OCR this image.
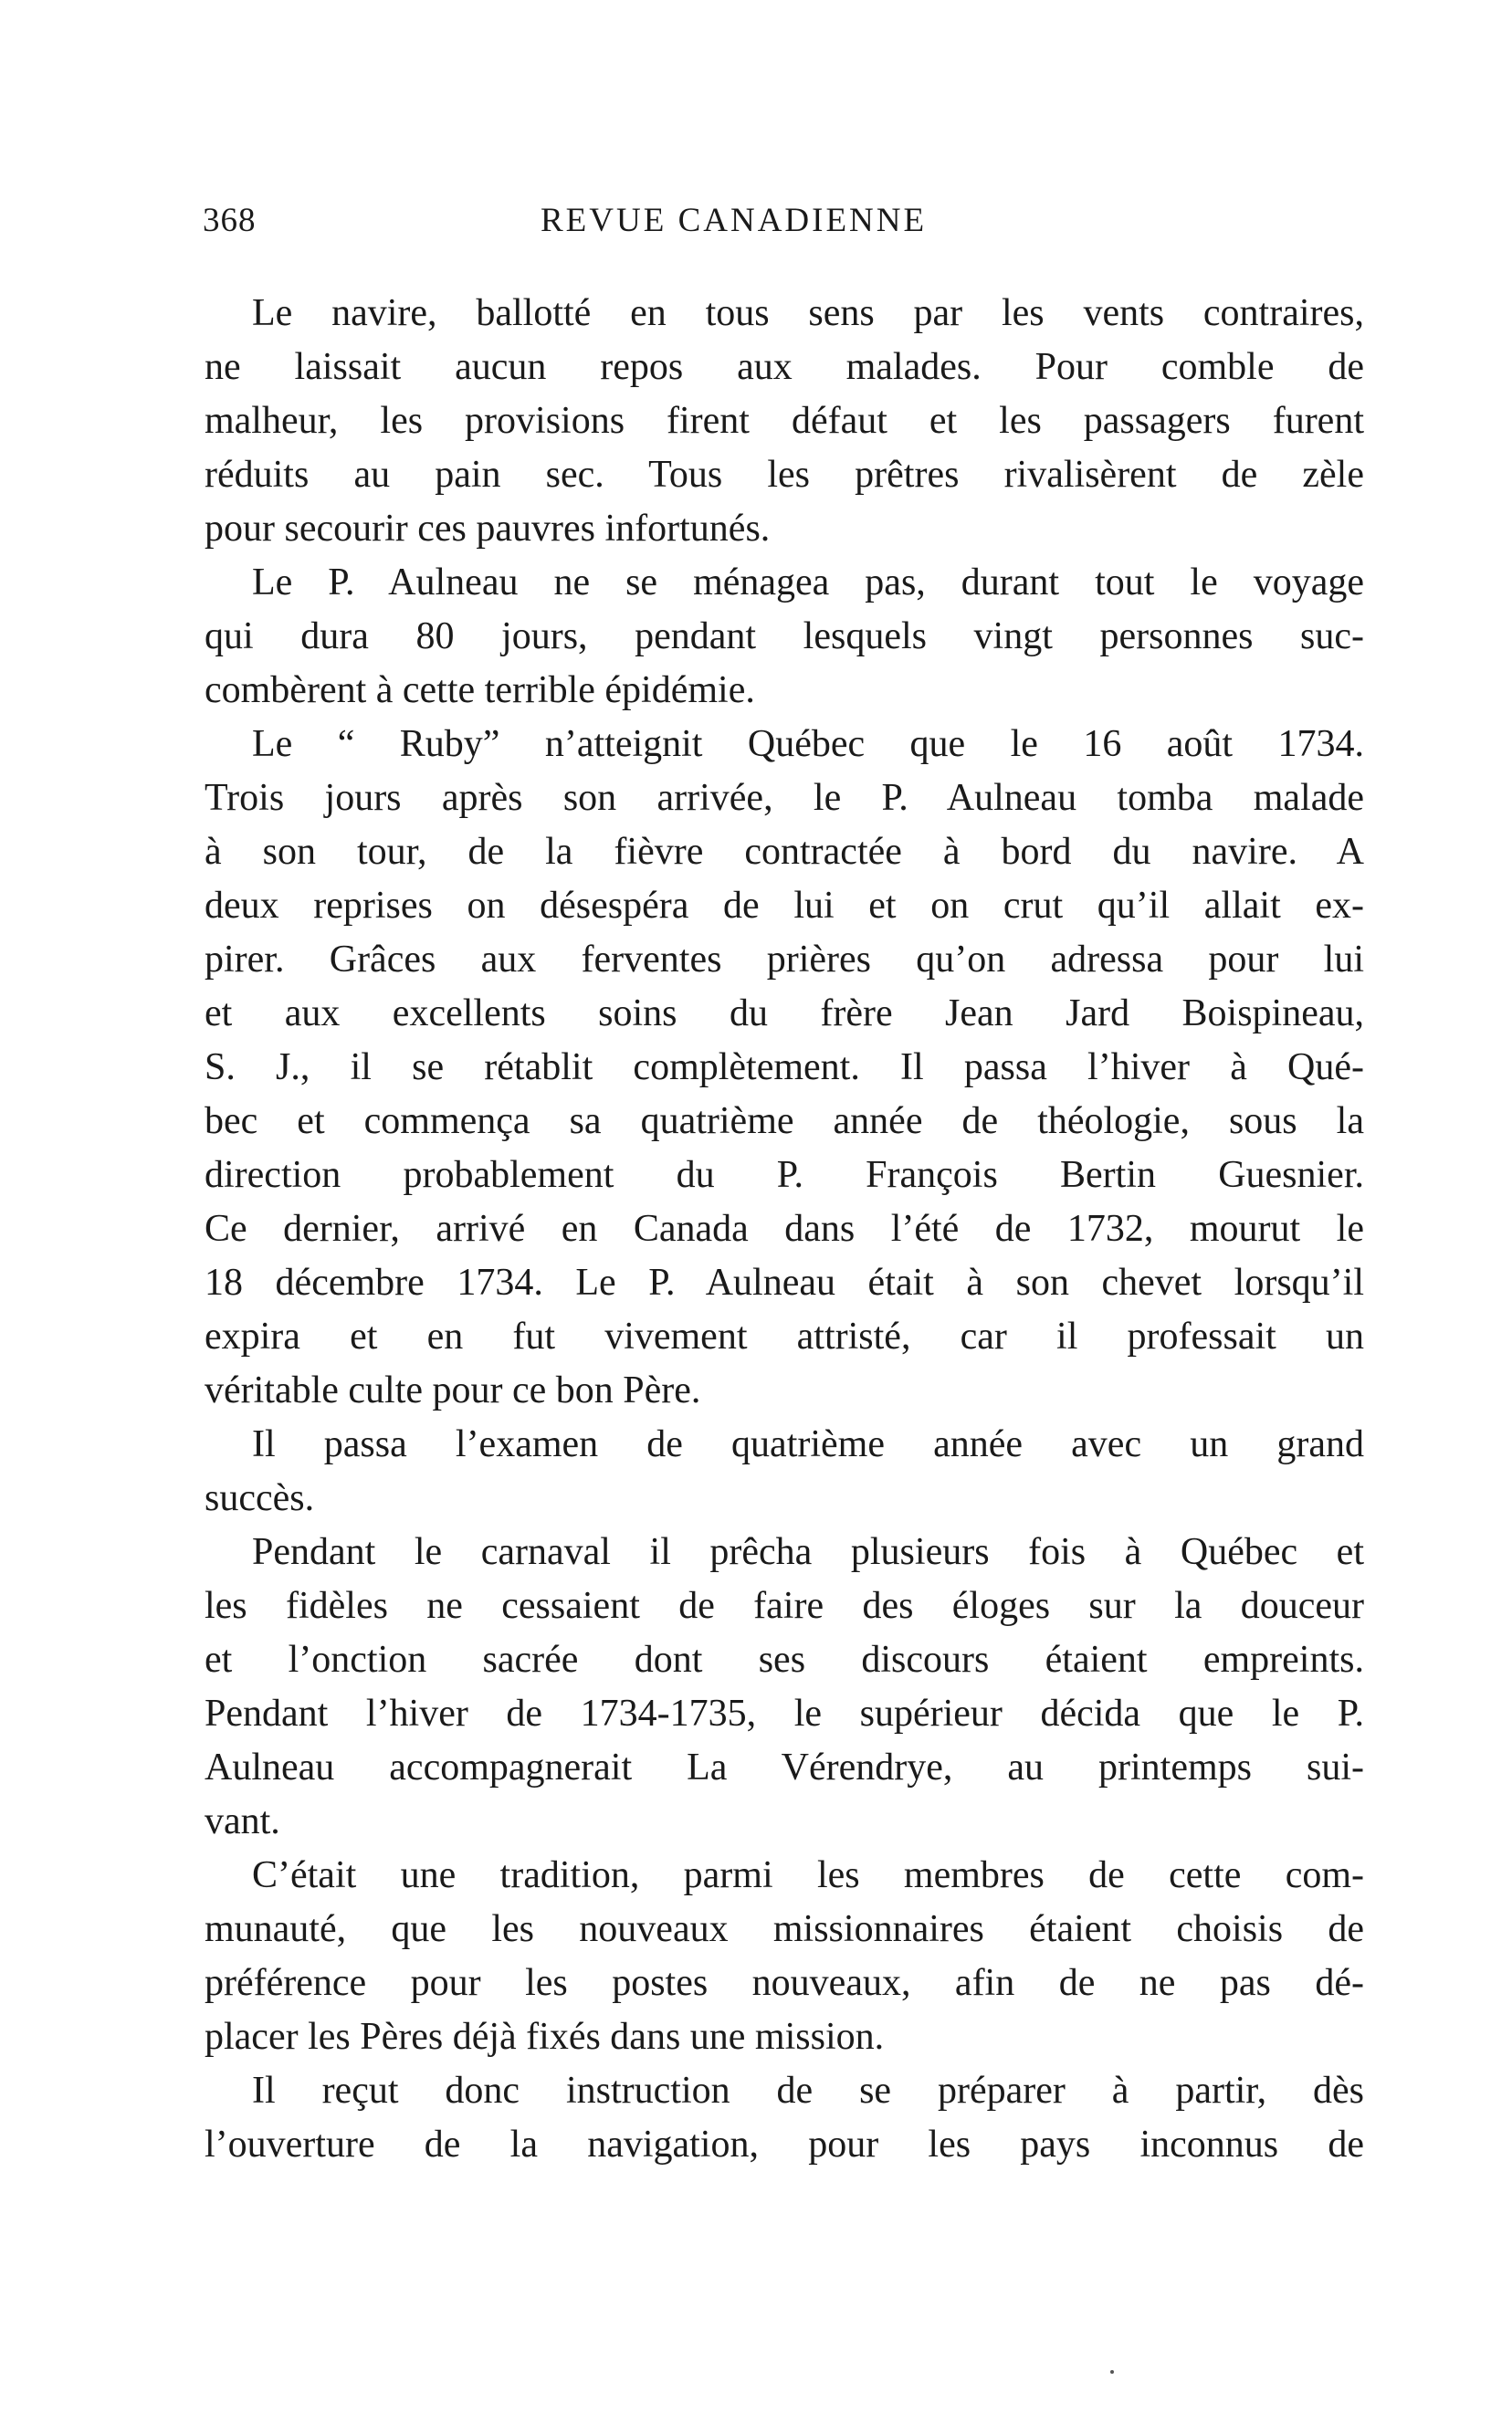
368	REVUE CANADIENNE
Le navire, ballotté en tous sens par les vents contraires,
ne laissait aucun repos aux malades. Pour comble de
malheur, les provisions firent défaut et les passagers furent
réduits au pain sec. Tous les prêtres rivalisèrent de zèle
pour secourir ces pauvres infortunés.
Le P. Aulneau ne se ménagea pas, durant tout le voyage
qui dura 80 jours, pendant lesquels vingt personnes suc-
combèrent à cette terrible épidémie.
Le “ Ruby” n’atteignit Québec que le 16 août 1734.
Trois jours après son arrivée, le P. Aulneau tomba malade
à son tour, de la fièvre contractée à bord du navire. A
deux reprises on désespéra de lui et on crut qu’il allait ex-
pirer. Grâces aux ferventes prières qu’on adressa pour lui
et aux excellents soins du frère Jean Jard Boispineau,
S. J., il se rétablit complètement. Il passa l’hiver à Qué-
bec et commença sa quatrième année de théologie, sous la
direction probablement du P. François Bertin Guesnier.
Ce dernier, arrivé en Canada dans l’été de 1732, mourut le
18 décembre 1734. Le P. Aulneau était à son chevet lorsqu’il
expira et en fut vivement attristé, car il professait un
véritable culte pour ce bon Père.
Il passa l’examen de quatrième année avec un grand
succès.
Pendant le carnaval il prêcha plusieurs fois à Québec et
les fidèles ne cessaient de faire des éloges sur la douceur
et l’onction sacrée dont ses discours étaient empreints.
Pendant l’hiver de 1734-1735, le supérieur décida que le P.
Aulneau accompagnerait La Vérendrye, au printemps sui-
vant.
C’était une tradition, parmi les membres de cette com-
munauté, que les nouveaux missionnaires étaient choisis de
préférence pour les postes nouveaux, afin de ne pas dé-
placer les Pères déjà fixés dans une mission.
Il reçut donc instruction de se préparer à partir, dès
l’ouverture de la navigation, pour les pays inconnus de
